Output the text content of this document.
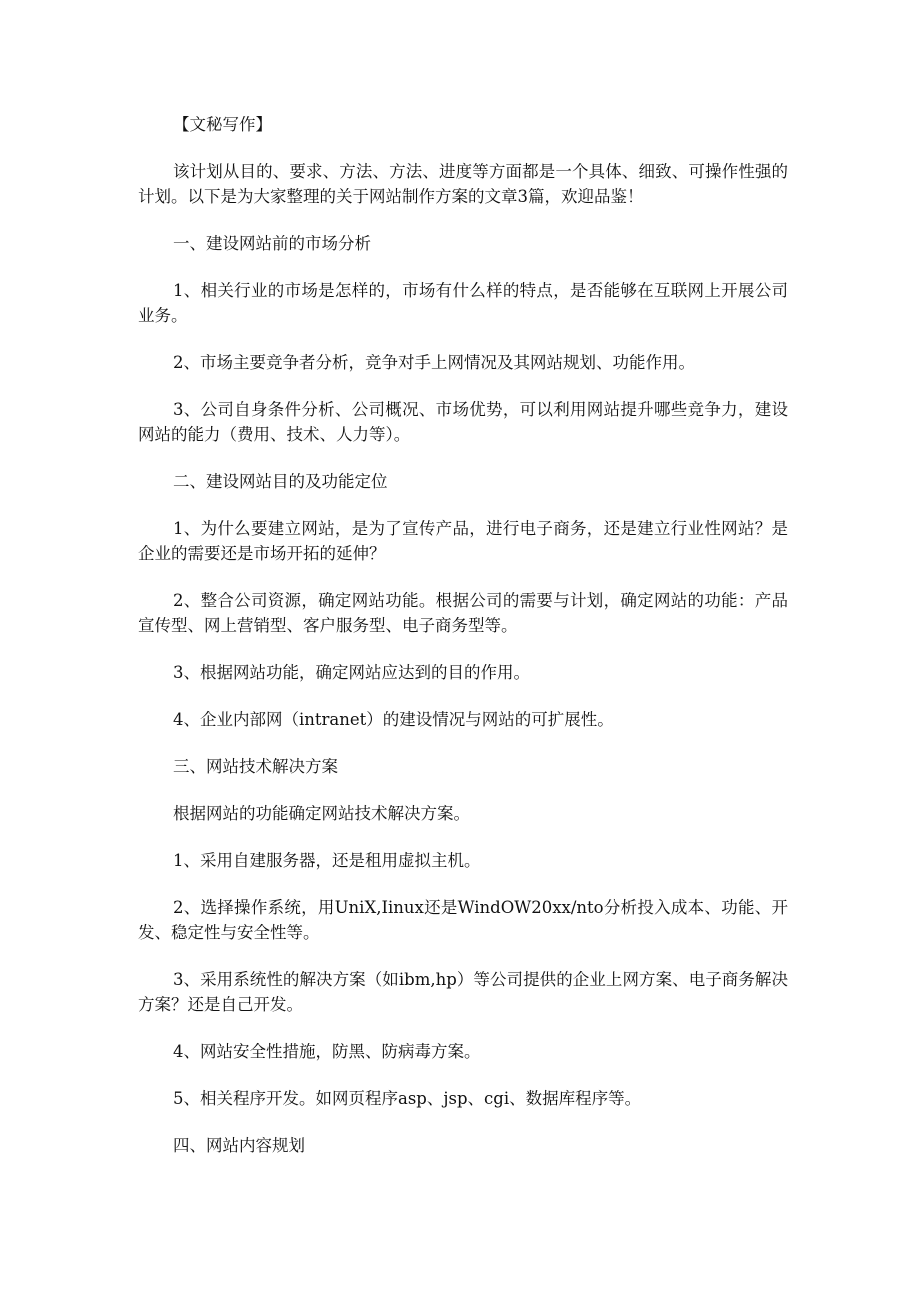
【文秘写作】

该计划从目的、要求、方法、方法、进度等方面都是一个具体、细致、可操作性强的计划。以下是为大家整理的关于网站制作方案的文章3篇，欢迎品鉴！

一、建设网站前的市场分析

1、相关行业的市场是怎样的，市场有什么样的特点，是否能够在互联网上开展公司业务。

2、市场主要竞争者分析，竞争对手上网情况及其网站规划、功能作用。

3、公司自身条件分析、公司概况、市场优势，可以利用网站提升哪些竞争力，建设网站的能力（费用、技术、人力等）。

二、建设网站目的及功能定位

1、为什么要建立网站，是为了宣传产品，进行电子商务，还是建立行业性网站？是企业的需要还是市场开拓的延伸？

2、整合公司资源，确定网站功能。根据公司的需要与计划，确定网站的功能：产品宣传型、网上营销型、客户服务型、电子商务型等。

3、根据网站功能，确定网站应达到的目的作用。

4、企业内部网（intranet）的建设情况与网站的可扩展性。

三、网站技术解决方案

根据网站的功能确定网站技术解决方案。

1、采用自建服务器，还是租用虚拟主机。

2、选择操作系统，用UniX,Iinux还是WindOW20xx/nto分析投入成本、功能、开发、稳定性与安全性等。

3、采用系统性的解决方案（如ibm,hp）等公司提供的企业上网方案、电子商务解决方案？还是自己开发。

4、网站安全性措施，防黑、防病毒方案。

5、相关程序开发。如网页程序asp、jsp、cgi、数据库程序等。

四、网站内容规划
